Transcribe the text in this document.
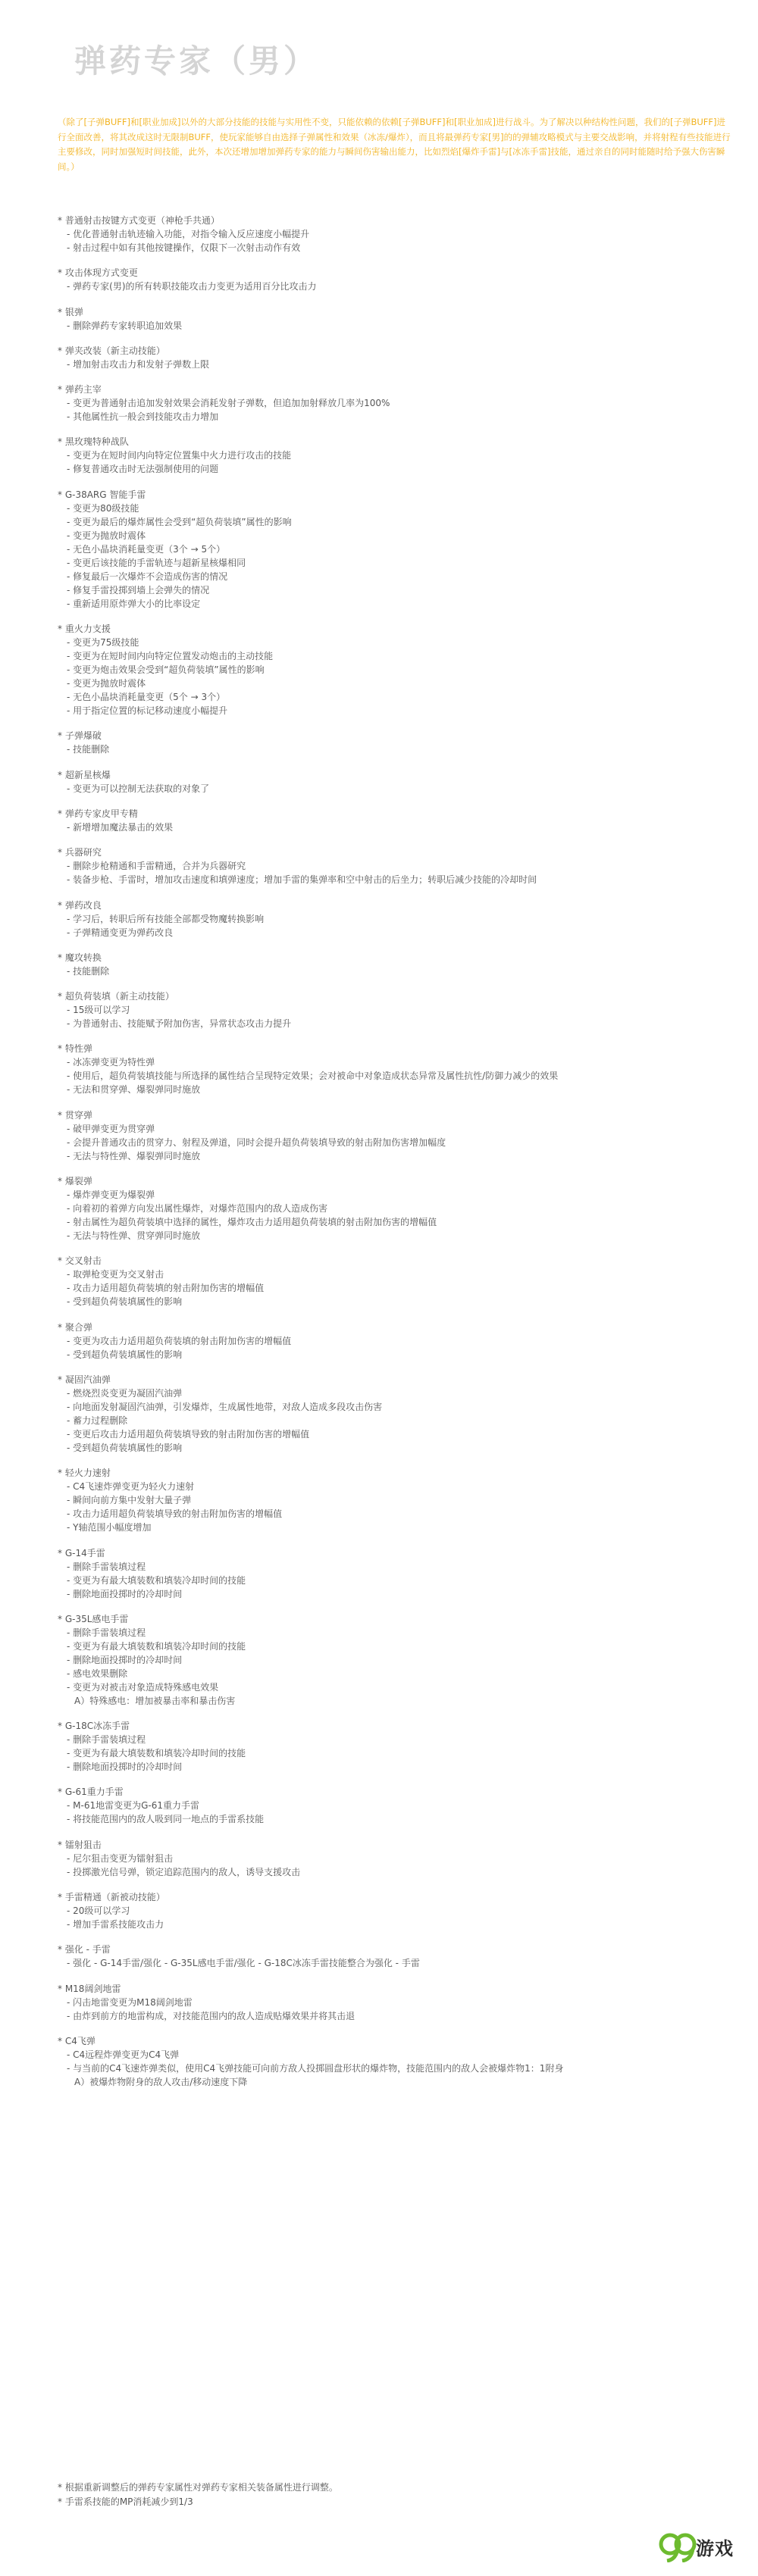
弹药专家（男）

（除了[子弹BUFF]和[职业加成]以外的大部分技能的技能与实用性不变，只能依赖的依赖[子弹BUFF]和[职业加成]进行战斗。为了解决以种结构性问题，我们的[子弹BUFF]进行全面改善，将其改成这时无限制BUFF，使玩家能够自由选择子弹属性和效果（冰冻/爆炸），而且将最弹药专家[男]的的弹辅攻略模式与主要交战影响，并将射程有些技能进行主要修改，同时加强短时间技能，此外，本次还增加增加弹药专家的能力与瞬间伤害输出能力，比如烈焰[爆炸手雷]与[冰冻手雷]技能，通过亲自的同时能随时给予强大伤害瞬间。）

* 普通射击按键方式变更（神枪手共通）
- 优化普通射击轨迹输入功能，对指令输入反应速度小幅提升
- 射击过程中如有其他按键操作，仅限下一次射击动作有效
* 攻击体现方式变更
- 弹药专家(男)的所有转职技能攻击力变更为适用百分比攻击力
* 银弹
- 删除弹药专家转职追加效果
* 弹夹改装（新主动技能）
- 增加射击攻击力和发射子弹数上限
* 弹药主宰
- 变更为普通射击追加发射效果会消耗发射子弹数，但追加加射释放几率为100%
- 其他属性抗一般会到技能攻击力增加
* 黑玫瑰特种战队
- 变更为在短时间内向特定位置集中火力进行攻击的技能
- 修复普通攻击时无法强制使用的问题
* G-38ARG 智能手雷
- 变更为80级技能
- 变更为最后的爆炸属性会受到“超负荷装填”属性的影响
- 变更为抛放时震体
- 无色小晶块消耗量变更（3个 → 5个）
- 变更后该技能的手雷轨迹与超新星核爆相同
- 修复最后一次爆炸不会造成伤害的情况
- 修复手雷投掷到墙上会弹失的情况
- 重新适用原炸弹大小的比率设定
* 重火力支援
- 变更为75级技能
- 变更为在短时间内向特定位置发动炮击的主动技能
- 变更为炮击效果会受到“超负荷装填”属性的影响
- 变更为抛放时震体
- 无色小晶块消耗量变更（5个 → 3个）
- 用于指定位置的标记移动速度小幅提升
* 子弹爆破
- 技能删除
* 超新星核爆
- 变更为可以控制无法获取的对象了
* 弹药专家皮甲专精
- 新增增加魔法暴击的效果
* 兵器研究
- 删除步枪精通和手雷精通，合并为兵器研究
- 装备步枪、手雷时，增加攻击速度和填弹速度；增加手雷的集弹率和空中射击的后坐力；转职后减少技能的冷却时间
* 弹药改良
- 学习后，转职后所有技能全部都受物魔转换影响
- 子弹精通变更为弹药改良
* 魔攻转换
- 技能删除
* 超负荷装填（新主动技能）
- 15级可以学习
- 为普通射击、技能赋予附加伤害，异常状态攻击力提升
* 特性弹
- 冰冻弹变更为特性弹
- 使用后，超负荷装填技能与所选择的属性结合呈现特定效果；会对被命中对象造成状态异常及属性抗性/防御力减少的效果
- 无法和贯穿弹、爆裂弹同时施放
* 贯穿弹
- 破甲弹变更为贯穿弹
- 会提升普通攻击的贯穿力、射程及弹道，同时会提升超负荷装填导致的射击附加伤害增加幅度
- 无法与特性弹、爆裂弹同时施放
* 爆裂弹
- 爆炸弹变更为爆裂弹
- 向着初的着弹方向发出属性爆炸，对爆炸范围内的敌人造成伤害
- 射击属性为超负荷装填中选择的属性，爆炸攻击力适用超负荷装填的射击附加伤害的增幅值
- 无法与特性弹、贯穿弹同时施放
* 交叉射击
- 取弹枪变更为交叉射击
- 攻击力适用超负荷装填的射击附加伤害的增幅值
- 受到超负荷装填属性的影响
* 聚合弹
- 变更为攻击力适用超负荷装填的射击附加伤害的增幅值
- 受到超负荷装填属性的影响
* 凝固汽油弹
- 燃烧烈炎变更为凝固汽油弹
- 向地面发射凝固汽油弹，引发爆炸，生成属性地带，对敌人造成多段攻击伤害
- 蓄力过程删除
- 变更后攻击力适用超负荷装填导致的射击附加伤害的增幅值
- 受到超负荷装填属性的影响
* 轻火力速射
- C4飞速炸弹变更为轻火力速射
- 瞬间向前方集中发射大量子弹
- 攻击力适用超负荷装填导致的射击附加伤害的增幅值
- Y轴范围小幅度增加
* G-14手雷
- 删除手雷装填过程
- 变更为有最大填装数和填装冷却时间的技能
- 删除地面投掷时的冷却时间
* G-35L感电手雷
- 删除手雷装填过程
- 变更为有最大填装数和填装冷却时间的技能
- 删除地面投掷时的冷却时间
- 感电效果删除
- 变更为对被击对象造成特殊感电效果
A）特殊感电：增加被暴击率和暴击伤害
* G-18C冰冻手雷
- 删除手雷装填过程
- 变更为有最大填装数和填装冷却时间的技能
- 删除地面投掷时的冷却时间
* G-61重力手雷
- M-61地雷变更为G-61重力手雷
- 将技能范围内的敌人吸到同一地点的手雷系技能
* 镭射狙击
- 尼尔狙击变更为镭射狙击
- 投掷激光信号弹，锁定追踪范围内的敌人，诱导支援攻击
* 手雷精通（新被动技能）
- 20级可以学习
- 增加手雷系技能攻击力
* 强化 - 手雷
- 强化 - G-14手雷/强化 - G-35L感电手雷/强化 - G-18C冰冻手雷技能整合为强化 - 手雷
* M18阔剑地雷
- 闪击地雷变更为M18阔剑地雷
- 由炸到前方的地雷构成，对技能范围内的敌人造成贴爆效果并将其击退
* C4飞弹
- C4远程炸弹变更为C4飞弹
- 与当前的C4飞速炸弹类似，使用C4飞弹技能可向前方敌人投掷圆盘形状的爆炸物，技能范围内的敌人会被爆炸物1：1附身
A）被爆炸物附身的敌人攻击/移动速度下降
* 根据重新调整后的弹药专家属性对弹药专家相关装备属性进行调整。
* 手雷系技能的MP消耗减少到1/3
游戏
